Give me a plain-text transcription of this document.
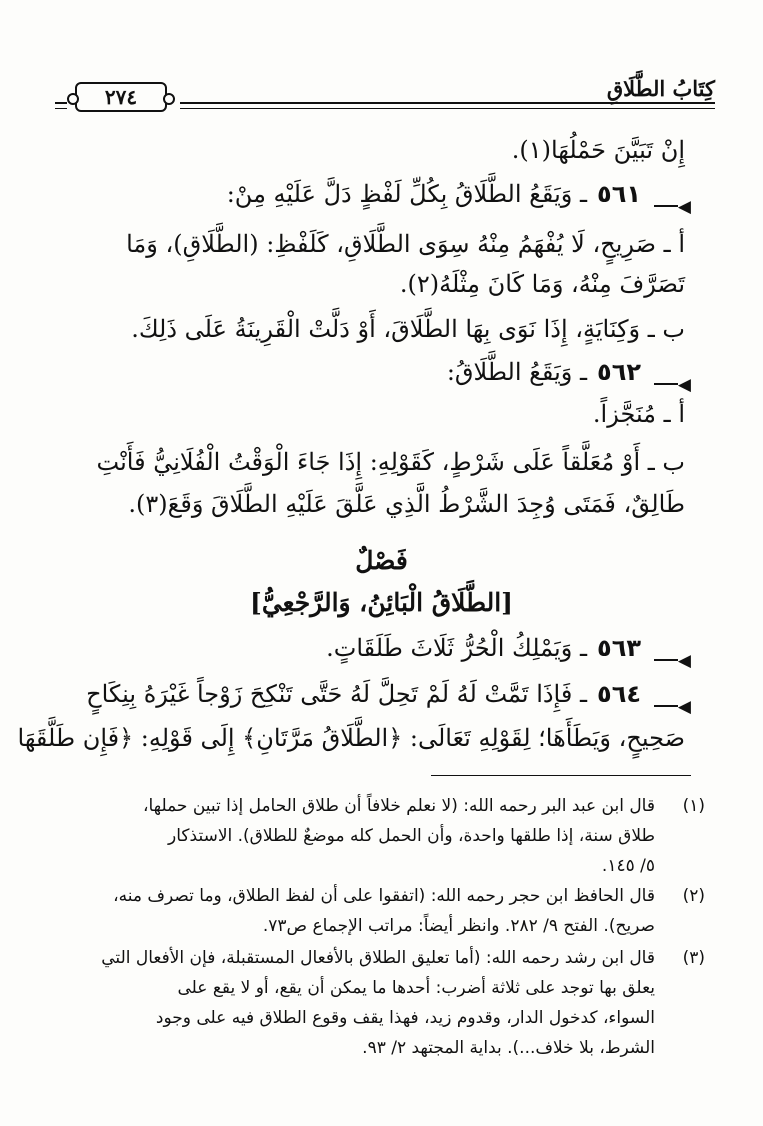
كِتَابُ الطَّلَاقِ
٢٧٤
إِنْ تَبَيَّنَ حَمْلُهَا(١).
◀
٥٦١
ـ وَيَقَعُ الطَّلَاقُ بِكُلِّ لَفْظٍ دَلَّ عَلَيْهِ مِنْ:
أ ـ صَرِيحٍ، لَا يُفْهَمُ مِنْهُ سِوَى الطَّلَاقِ، كَلَفْظِ: (الطَّلَاقِ)، وَمَا
تَصَرَّفَ مِنْهُ، وَمَا كَانَ مِثْلَهُ(٢).
ب ـ وَكِنَايَةٍ، إِذَا نَوَى بِهَا الطَّلَاقَ، أَوْ دَلَّتْ الْقَرِينَةُ عَلَى ذَلِكَ.
◀
٥٦٢
ـ وَيَقَعُ الطَّلَاقُ:
أ ـ مُنَجَّزاً.
ب ـ أَوْ مُعَلَّقاً عَلَى شَرْطٍ، كَقَوْلِهِ: إِذَا جَاءَ الْوَقْتُ الْفُلَانِيُّ فَأَنْتِ
طَالِقٌ، فَمَتَى وُجِدَ الشَّرْطُ الَّذِي عَلَّقَ عَلَيْهِ الطَّلَاقَ وَقَعَ(٣).
فَصْلٌ
[الطَّلَاقُ الْبَائِنُ، وَالرَّجْعِيُّ]
◀
٥٦٣
ـ وَيَمْلِكُ الْحُرُّ ثَلَاثَ طَلَقَاتٍ.
◀
٥٦٤
ـ فَإِذَا تَمَّتْ لَهُ لَمْ تَحِلَّ لَهُ حَتَّى تَنْكِحَ زَوْجاً غَيْرَهُ بِنِكَاحٍ
صَحِيحٍ، وَيَطَأَهَا؛ لِقَوْلِهِ تَعَالَى: ﴿الطَّلَاقُ مَرَّتَانِ﴾ إِلَى قَوْلِهِ: ﴿فَإِن طَلَّقَهَا
(١)
قال ابن عبد البر رحمه الله: (لا نعلم خلافاً أن طلاق الحامل إذا تبين حملها،
طلاق سنة، إذا طلقها واحدة، وأن الحمل كله موضعٌ للطلاق). الاستذكار
٥/ ١٤٥.
(٢)
قال الحافظ ابن حجر رحمه الله: (اتفقوا على أن لفظ الطلاق، وما تصرف منه،
صريح). الفتح ٩/ ٢٨٢. وانظر أيضاً: مراتب الإجماع ص٧٣.
(٣)
قال ابن رشد رحمه الله: (أما تعليق الطلاق بالأفعال المستقبلة، فإن الأفعال التي
يعلق بها توجد على ثلاثة أضرب: أحدها ما يمكن أن يقع، أو لا يقع على
السواء، كدخول الدار، وقدوم زيد، فهذا يقف وقوع الطلاق فيه على وجود
الشرط، بلا خلاف...). بداية المجتهد ٢/ ٩٣.
